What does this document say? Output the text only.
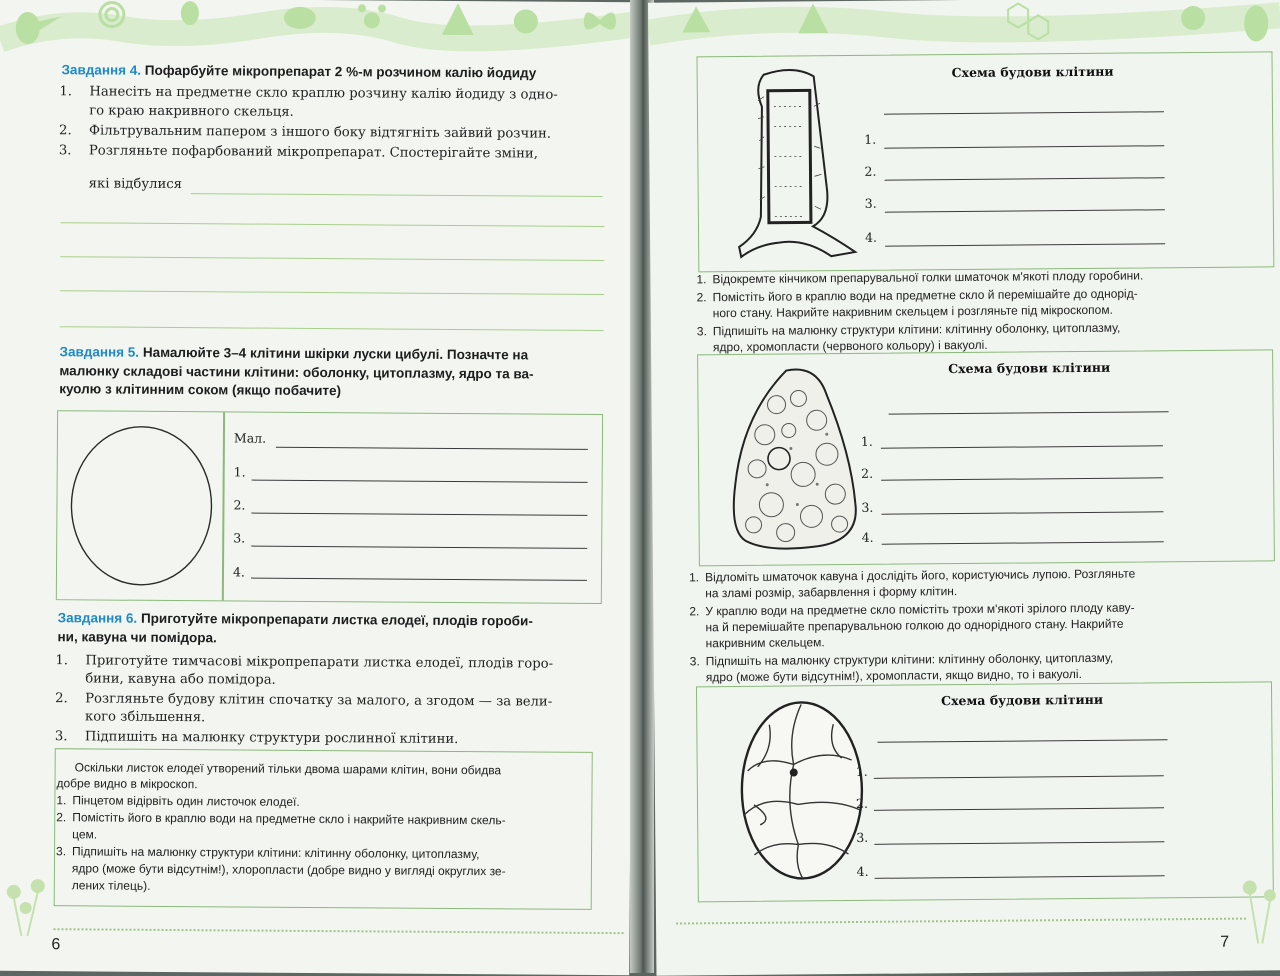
Завдання 4. Пофарбуйте мікропрепарат 2 %-м розчином калію йодиду
1. Нанесіть на предметне скло краплю розчину калію йодиду з одно-
го краю накривного скельця.
2. Фільтрувальним папером з іншого боку відтягніть зайвий розчин.
3. Розгляньте пофарбований мікропрепарат. Спостерігайте зміни,
які відбулися
Завдання 5. Намалюйте 3–4 клітини шкірки луски цибулі. Позначте на
малюнку складові частини клітини: оболонку, цитоплазму, ядро та ва-
куолю з клітинним соком (якщо побачите)
Мал.
1.
2.
3.
4.
Завдання 6. Приготуйте мікропрепарати листка елодеї, плодів гороби-
ни, кавуна чи помідора.
1. Приготуйте тимчасові мікропрепарати листка елодеї, плодів горо-
бини, кавуна або помідора.
2. Розгляньте будову клітин спочатку за малого, а згодом — за вели-
кого збільшення.
3. Підпишіть на малюнку структури рослинної клітини.
Оскільки листок елодеї утворений тільки двома шарами клітин, вони обидва
добре видно в мікроскоп.
1. Пінцетом відірвіть один листочок елодеї.
2. Помістіть його в краплю води на предметне скло і накрийте накривним скель-
цем.
3. Підпишіть на малюнку структури клітини: клітинну оболонку, цитоплазму,
ядро (може бути відсутнім!), хлоропласти (добре видно у вигляді округлих зе-
лених тілець).
6
Схема будови клітини
1.
2.
3.
4.
1. Відокремте кінчиком препарувальної голки шматочок м'якоті плоду горобини.
2. Помістіть його в краплю води на предметне скло й перемішайте до однорід-
ного стану. Накрийте накривним скельцем і розгляньте під мікроскопом.
3. Підпишіть на малюнку структури клітини: клітинну оболонку, цитоплазму,
ядро, хромопласти (червоного кольору) і вакуолі.
Схема будови клітини
1.
2.
3.
4.
1. Відломіть шматочок кавуна і дослідіть його, користуючись лупою. Розгляньте
на зламі розмір, забарвлення і форму клітин.
2. У краплю води на предметне скло помістіть трохи м'якоті зрілого плоду каву-
на й перемішайте препарувальною голкою до однорідного стану. Накрийте
накривним скельцем.
3. Підпишіть на малюнку структури клітини: клітинну оболонку, цитоплазму,
ядро (може бути відсутнім!), хромопласти, якщо видно, то і вакуолі.
Схема будови клітини
1.
2.
3.
4.
7
